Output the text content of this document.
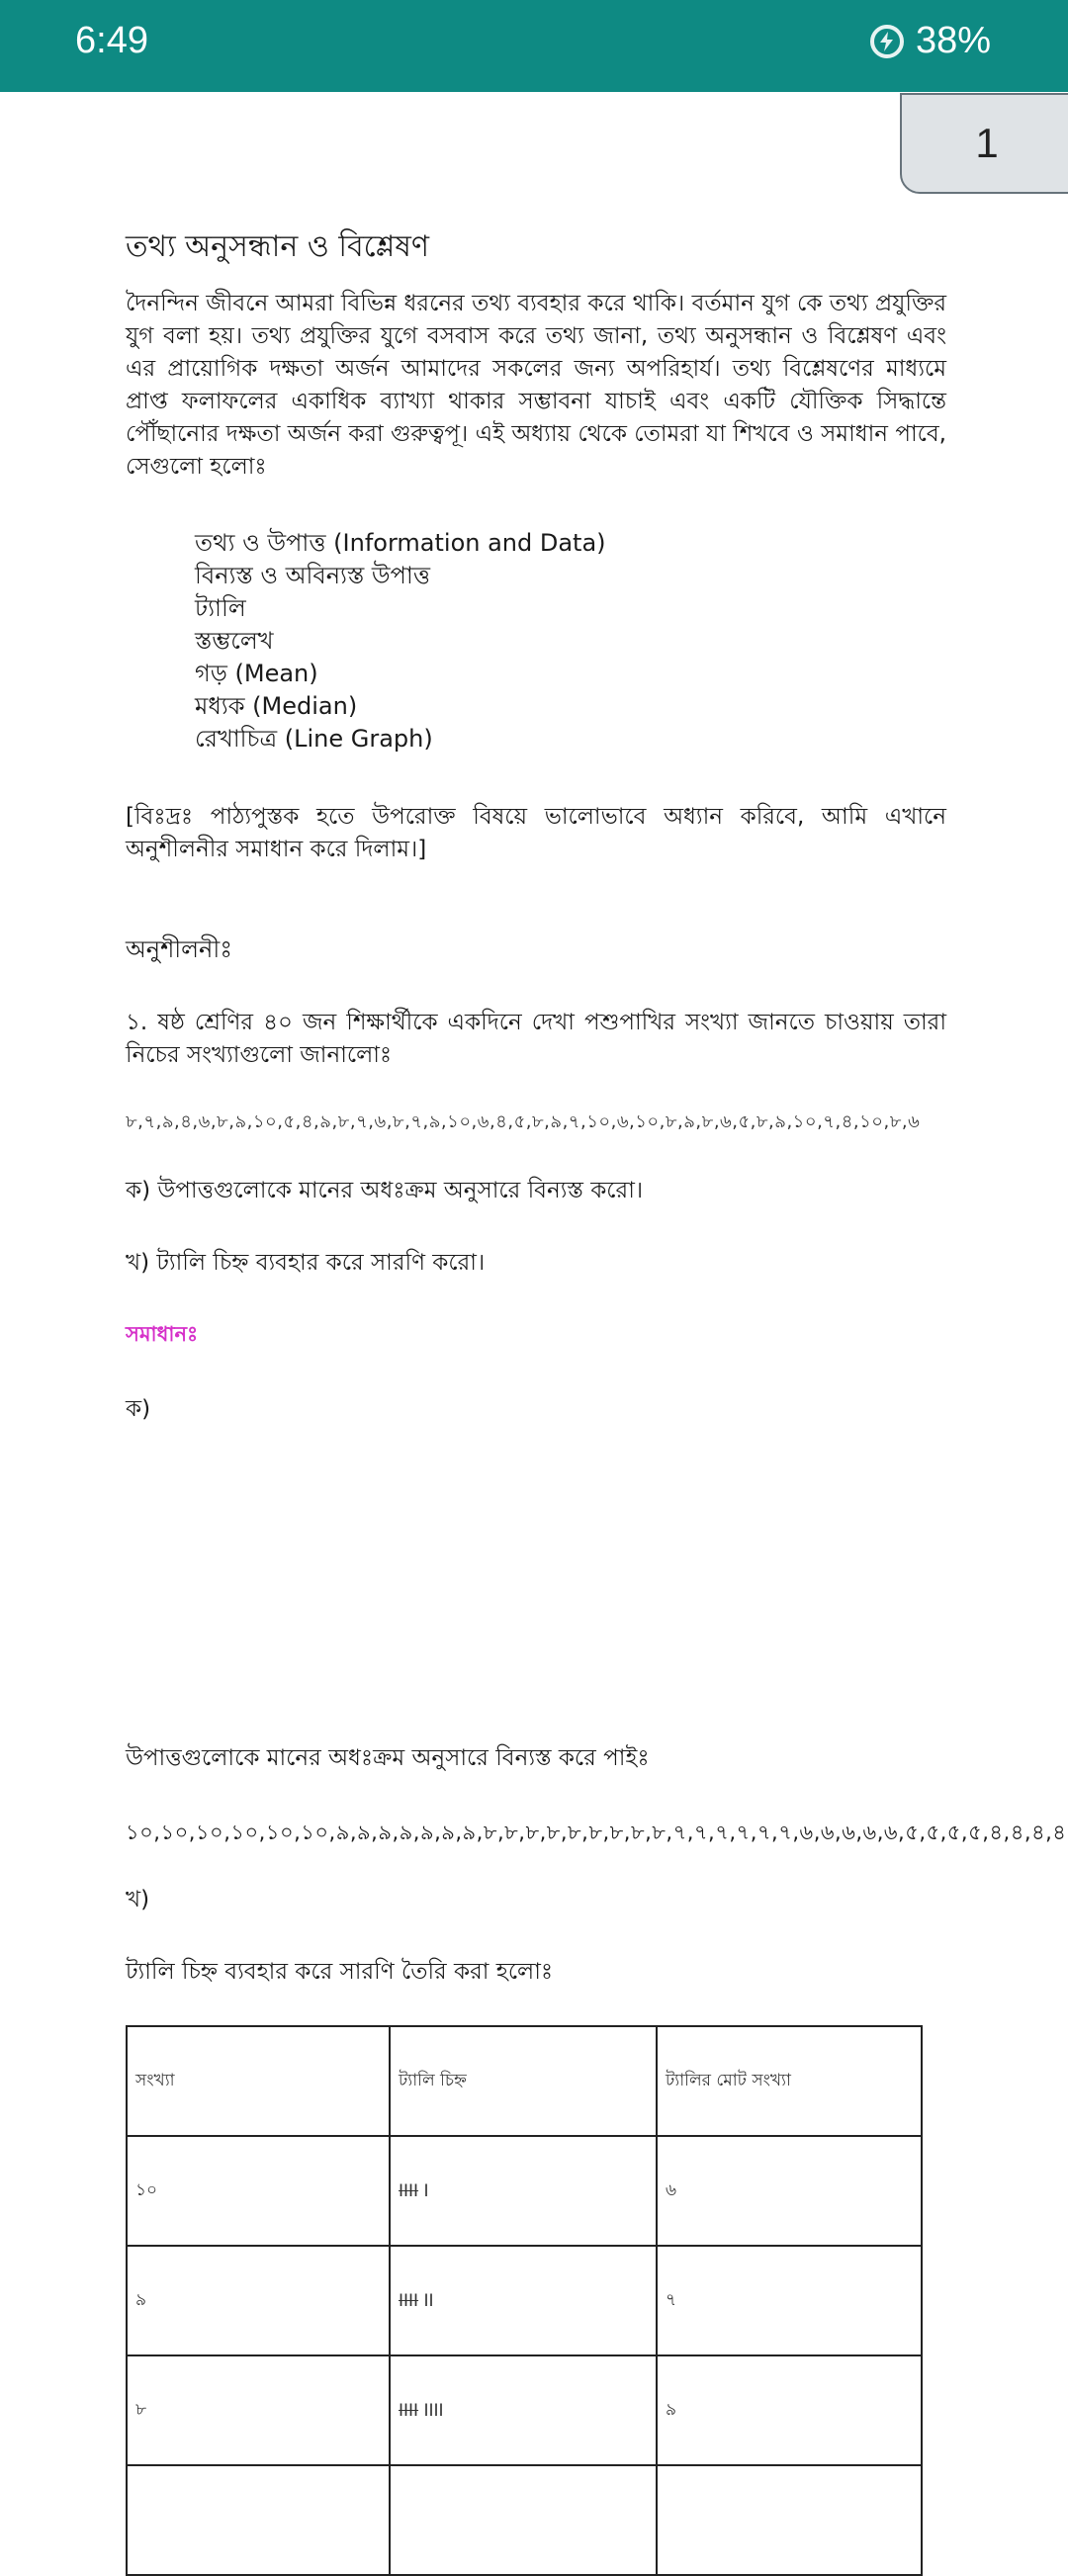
6:49	38%
1
তথ্য অনুসন্ধান ও বিশ্লেষণ

দৈনন্দিন জীবনে আমরা বিভিন্ন ধরনের তথ্য ব্যবহার করে থাকি। বর্তমান যুগ কে তথ্য প্রযুক্তির যুগ বলা হয়। তথ্য প্রযুক্তির যুগে বসবাস করে তথ্য জানা, তথ্য অনুসন্ধান ও বিশ্লেষণ এবং এর প্রায়োগিক দক্ষতা অর্জন আমাদের সকলের জন্য অপরিহার্য। তথ্য বিশ্লেষণের মাধ্যমে প্রাপ্ত ফলাফলের একাধিক ব্যাখ্যা থাকার সম্ভাবনা যাচাই এবং একটি যৌক্তিক সিদ্ধান্তে পৌঁছানোর দক্ষতা অর্জন করা গুরুত্বপূ। এই অধ্যায় থেকে তোমরা যা শিখবে ও সমাধান পাবে, সেগুলো হলোঃ

তথ্য ও উপাত্ত (Information and Data)
বিন্যস্ত ও অবিন্যস্ত উপাত্ত
ট্যালি
স্তম্ভলেখ
গড় (Mean)
মধ্যক (Median)
রেখাচিত্র (Line Graph)

[বিঃদ্রঃ পাঠ্যপুস্তক হতে উপরোক্ত বিষয়ে ভালোভাবে অধ্যান করিবে, আমি এখানে অনুশীলনীর সমাধান করে দিলাম।]

অনুশীলনীঃ

১. ষষ্ঠ শ্রেণির ৪০ জন শিক্ষার্থীকে একদিনে দেখা পশুপাখির সংখ্যা জানতে চাওয়ায় তারা নিচের সংখ্যাগুলো জানালোঃ

৮,৭,৯,৪,৬,৮,৯,১০,৫,৪,৯,৮,৭,৬,৮,৭,৯,১০,৬,৪,৫,৮,৯,৭,১০,৬,১০,৮,৯,৮,৬,৫,৮,৯,১০,৭,৪,১০,৮,৬
ক) উপাত্তগুলোকে মানের অধঃক্রম অনুসারে বিন্যস্ত করো।
খ) ট্যালি চিহ্ন ব্যবহার করে সারণি করো।
সমাধানঃ
ক)
উপাত্তগুলোকে মানের অধঃক্রম অনুসারে বিন্যস্ত করে পাইঃ
১০,১০,১০,১০,১০,১০,৯,৯,৯,৯,৯,৯,৯,৮,৮,৮,৮,৮,৮,৮,৮,৮,৭,৭,৭,৭,৭,৭,৬,৬,৬,৬,৬,৫,৫,৫,৫,৪,৪,৪,৪
খ)
ট্যালি চিহ্ন ব্যবহার করে সারণি তৈরি করা হলোঃ
সংখ্যা	ট্যালি চিহ্ন	ট্যালির মোট সংখ্যা
১০	IIII I	৬
৯	IIII II	৭
৮	IIII IIII	৯
